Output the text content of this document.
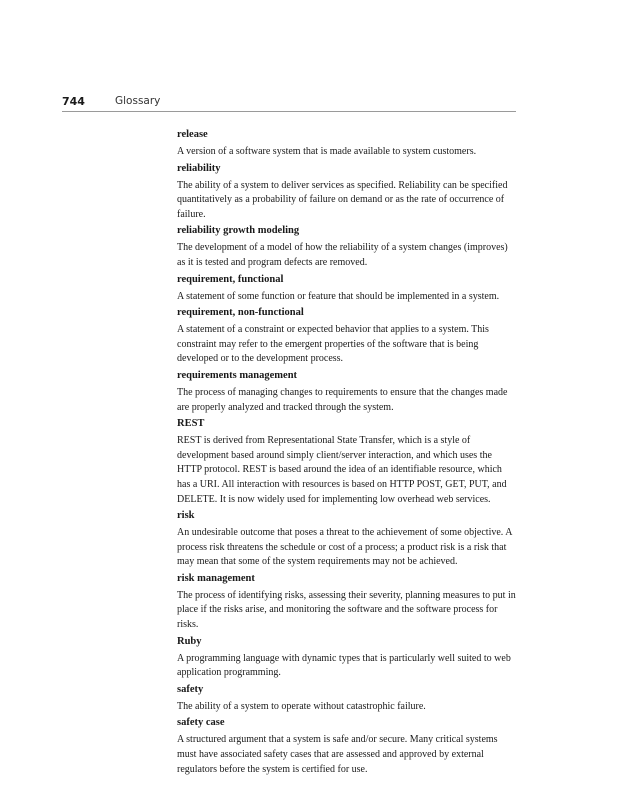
744	Glossary
release

A version of a software system that is made available to system customers.

reliability

The ability of a system to deliver services as specified. Reliability can be specified quantitatively as a probability of failure on demand or as the rate of occurrence of failure.

reliability growth modeling

The development of a model of how the reliability of a system changes (improves) as it is tested and program defects are removed.

requirement, functional

A statement of some function or feature that should be implemented in a system.

requirement, non-functional

A statement of a constraint or expected behavior that applies to a system. This constraint may refer to the emergent properties of the software that is being developed or to the development process.

requirements management

The process of managing changes to requirements to ensure that the changes made are properly analyzed and tracked through the system.

REST

REST is derived from Representational State Transfer, which is a style of development based around simply client/server interaction, and which uses the HTTP protocol. REST is based around the idea of an identifiable resource, which has a URI. All interaction with resources is based on HTTP POST, GET, PUT, and DELETE. It is now widely used for implementing low overhead web services.

risk

An undesirable outcome that poses a threat to the achievement of some objective. A process risk threatens the schedule or cost of a process; a product risk is a risk that may mean that some of the system requirements may not be achieved.

risk management

The process of identifying risks, assessing their severity, planning measures to put in place if the risks arise, and monitoring the software and the software process for risks.

Ruby

A programming language with dynamic types that is particularly well suited to web application programming.

safety

The ability of a system to operate without catastrophic failure.

safety case

A structured argument that a system is safe and/or secure. Many critical systems must have associated safety cases that are assessed and approved by external regulators before the system is certified for use.
